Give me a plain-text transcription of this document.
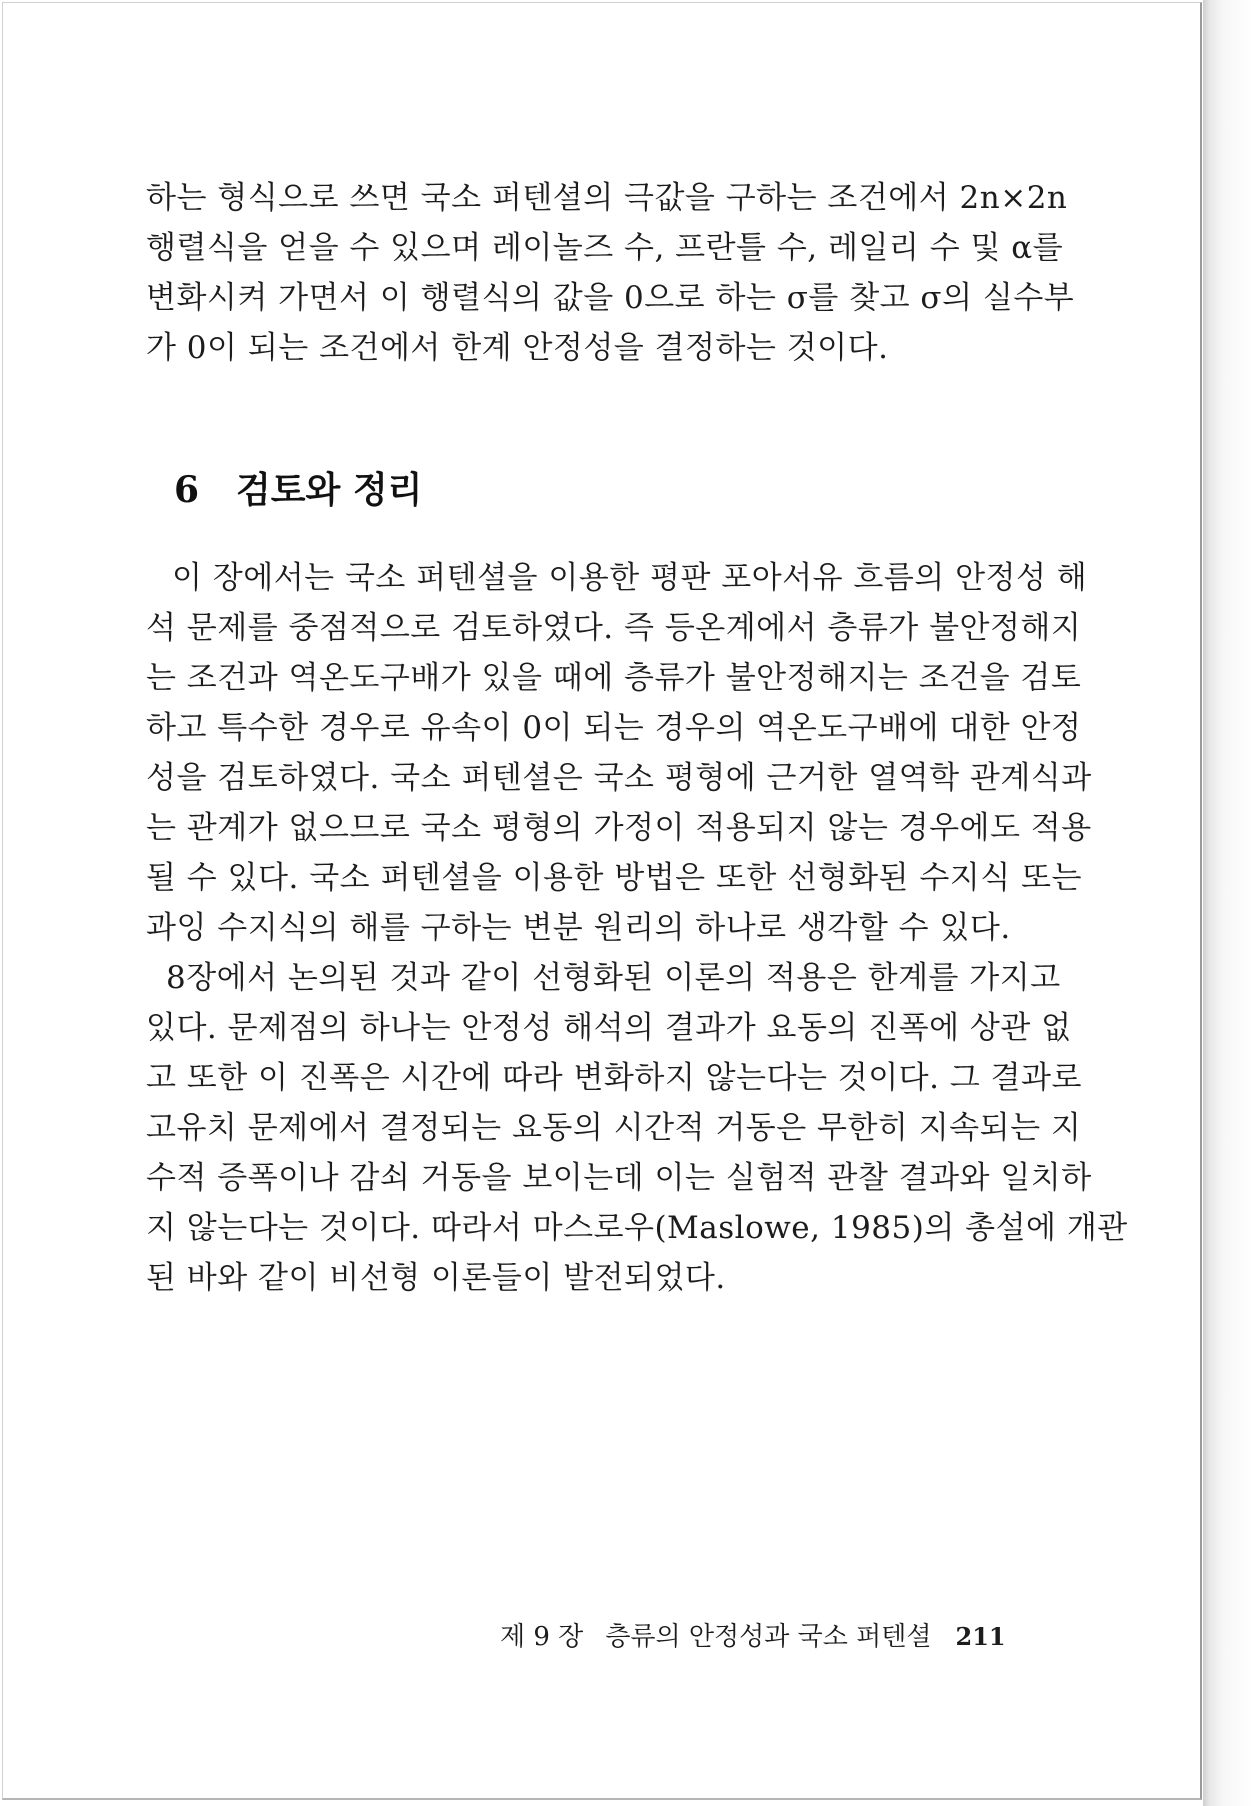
하는 형식으로 쓰면 국소 퍼텐셜의 극값을 구하는 조건에서 2n×2n

행렬식을 얻을 수 있으며 레이놀즈 수, 프란틀 수, 레일리 수 및 α를

변화시켜 가면서 이 행렬식의 값을 0으로 하는 σ를 찾고 σ의 실수부

가 0이 되는 조건에서 한계 안정성을 결정하는 것이다.

6 검토와 정리

이 장에서는 국소 퍼텐셜을 이용한 평판 포아서유 흐름의 안정성 해

석 문제를 중점적으로 검토하였다. 즉 등온계에서 층류가 불안정해지

는 조건과 역온도구배가 있을 때에 층류가 불안정해지는 조건을 검토

하고 특수한 경우로 유속이 0이 되는 경우의 역온도구배에 대한 안정

성을 검토하였다. 국소 퍼텐셜은 국소 평형에 근거한 열역학 관계식과

는 관계가 없으므로 국소 평형의 가정이 적용되지 않는 경우에도 적용

될 수 있다. 국소 퍼텐셜을 이용한 방법은 또한 선형화된 수지식 또는

과잉 수지식의 해를 구하는 변분 원리의 하나로 생각할 수 있다.

8장에서 논의된 것과 같이 선형화된 이론의 적용은 한계를 가지고

있다. 문제점의 하나는 안정성 해석의 결과가 요동의 진폭에 상관 없

고 또한 이 진폭은 시간에 따라 변화하지 않는다는 것이다. 그 결과로

고유치 문제에서 결정되는 요동의 시간적 거동은 무한히 지속되는 지

수적 증폭이나 감쇠 거동을 보이는데 이는 실험적 관찰 결과와 일치하

지 않는다는 것이다. 따라서 마스로우(Maslowe, 1985)의 총설에 개관

된 바와 같이 비선형 이론들이 발전되었다.

제 9 장 층류의 안정성과 국소 퍼텐셜 211
